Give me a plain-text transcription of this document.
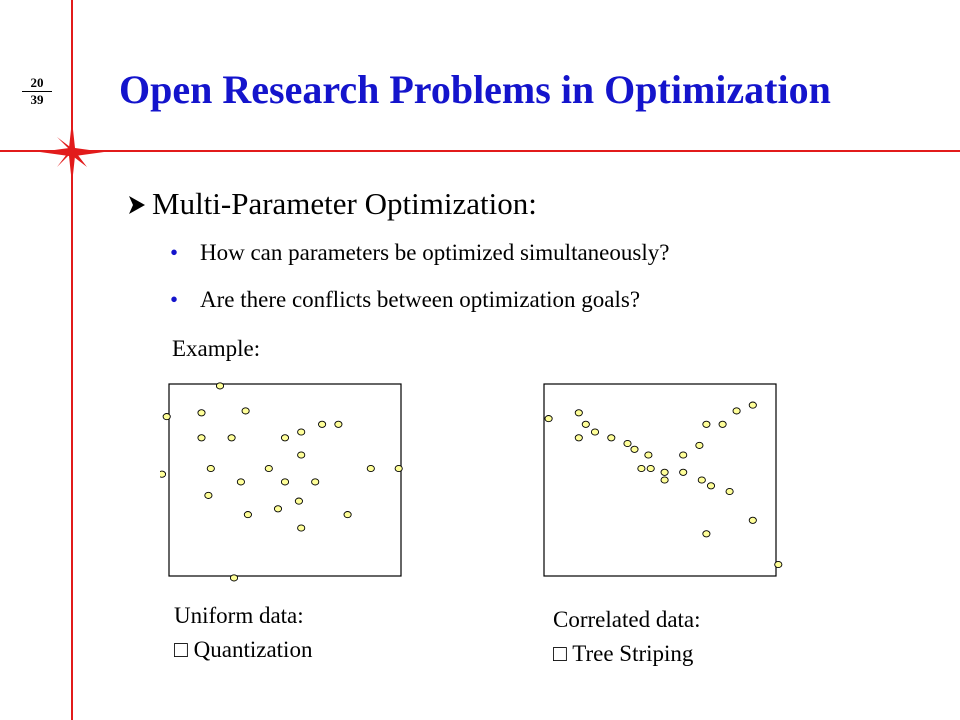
$\frac{20}{39}$ Open Research Problems in Optimization
Multi-Parameter Optimization:
• How can parameters be optimized simultaneously?
• Are there conflicts between optimization goals?
Example:
Uniform data:
□ Quantization
Correlated data:
□ Tree Striping
